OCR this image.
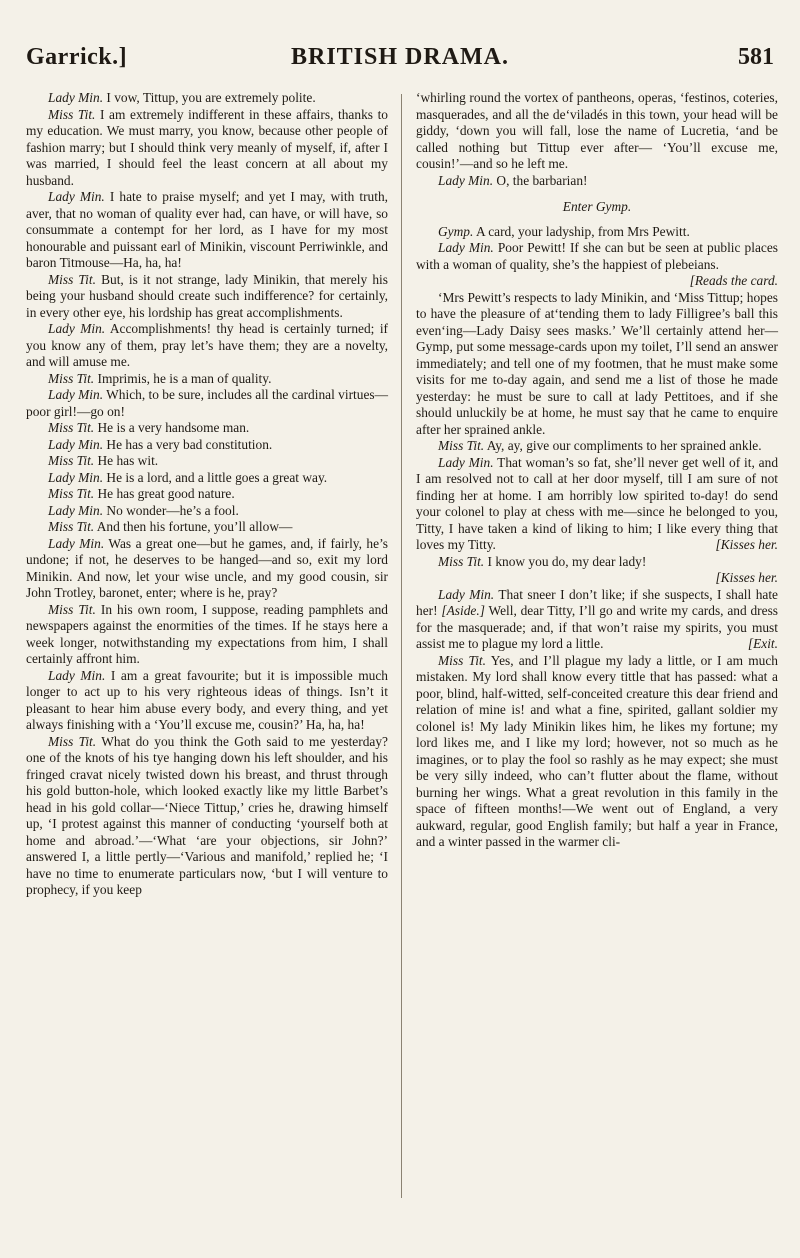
Garrick.]	BRITISH DRAMA.	581

Lady Min. I vow, Tittup, you are extremely polite.

Miss Tit. I am extremely indifferent in these affairs, thanks to my education. We must marry, you know, because other people of fashion marry; but I should think very meanly of myself, if, after I was married, I should feel the least concern at all about my husband.

Lady Min. I hate to praise myself; and yet I may, with truth, aver, that no woman of quality ever had, can have, or will have, so consummate a contempt for her lord, as I have for my most honourable and puissant earl of Minikin, viscount Perriwinkle, and baron Titmouse—Ha, ha, ha!

Miss Tit. But, is it not strange, lady Minikin, that merely his being your husband should create such indifference? for certainly, in every other eye, his lordship has great accomplishments.

Lady Min. Accomplishments! thy head is certainly turned; if you know any of them, pray let’s have them; they are a novelty, and will amuse me.

Miss Tit. Imprimis, he is a man of quality.

Lady Min. Which, to be sure, includes all the cardinal virtues—poor girl!—go on!

Miss Tit. He is a very handsome man.

Lady Min. He has a very bad constitution.

Miss Tit. He has wit.

Lady Min. He is a lord, and a little goes a great way.

Miss Tit. He has great good nature.

Lady Min. No wonder—he’s a fool.

Miss Tit. And then his fortune, you’ll allow—

Lady Min. Was a great one—but he games, and, if fairly, he’s undone; if not, he deserves to be hanged—and so, exit my lord Minikin. And now, let your wise uncle, and my good cousin, sir John Trotley, baronet, enter; where is he, pray?

Miss Tit. In his own room, I suppose, reading pamphlets and newspapers against the enormities of the times. If he stays here a week longer, notwithstanding my expectations from him, I shall certainly affront him.

Lady Min. I am a great favourite; but it is impossible much longer to act up to his very righteous ideas of things. Isn’t it pleasant to hear him abuse every body, and every thing, and yet always finishing with a ‘You’ll excuse me, cousin?’ Ha, ha, ha!

Miss Tit. What do you think the Goth said to me yesterday? one of the knots of his tye hanging down his left shoulder, and his fringed cravat nicely twisted down his breast, and thrust through his gold button-hole, which looked exactly like my little Barbet’s head in his gold collar—‘Niece Tittup,’ cries he, drawing himself up, ‘I protest against this manner of conducting ‘yourself both at home and abroad.’—‘What ‘are your objections, sir John?’ answered I, a little pertly—‘Various and manifold,’ replied he; ‘I have no time to enumerate particulars now, ‘but I will venture to prophecy, if you keep

‘whirling round the vortex of pantheons, operas, ‘festinos, coteries, masquerades, and all the de‘viladés in this town, your head will be giddy, ‘down you will fall, lose the name of Lucretia, ‘and be called nothing but Tittup ever after— ‘You’ll excuse me, cousin!’—and so he left me.

Lady Min. O, the barbarian!

Enter Gymp.

Gymp. A card, your ladyship, from Mrs Pewitt.

Lady Min. Poor Pewitt! If she can but be seen at public places with a woman of quality, she’s the happiest of plebeians.

[Reads the card.

‘Mrs Pewitt’s respects to lady Minikin, and ‘Miss Tittup; hopes to have the pleasure of at‘tending them to lady Filligree’s ball this even‘ing—Lady Daisy sees masks.’ We’ll certainly attend her—Gymp, put some message-cards upon my toilet, I’ll send an answer immediately; and tell one of my footmen, that he must make some visits for me to-day again, and send me a list of those he made yesterday: he must be sure to call at lady Pettitoes, and if she should unluckily be at home, he must say that he came to enquire after her sprained ankle.

Miss Tit. Ay, ay, give our compliments to her sprained ankle.

Lady Min. That woman’s so fat, she’ll never get well of it, and I am resolved not to call at her door myself, till I am sure of not finding her at home. I am horribly low spirited to-day! do send your colonel to play at chess with me—since he belonged to you, Titty, I have taken a kind of liking to him; I like every thing that loves my Titty.	[Kisses her.

Miss Tit. I know you do, my dear lady!

[Kisses her.

Lady Min. That sneer I don’t like; if she suspects, I shall hate her! [Aside.] Well, dear Titty, I’ll go and write my cards, and dress for the masquerade; and, if that won’t raise my spirits, you must assist me to plague my lord a little.	[Exit.

Miss Tit. Yes, and I’ll plague my lady a little, or I am much mistaken. My lord shall know every tittle that has passed: what a poor, blind, half-witted, self-conceited creature this dear friend and relation of mine is! and what a fine, spirited, gallant soldier my colonel is! My lady Minikin likes him, he likes my fortune; my lord likes me, and I like my lord; however, not so much as he imagines, or to play the fool so rashly as he may expect; she must be very silly indeed, who can’t flutter about the flame, without burning her wings. What a great revolution in this family in the space of fifteen months!—We went out of England, a very aukward, regular, good English family; but half a year in France, and a winter passed in the warmer cli-
